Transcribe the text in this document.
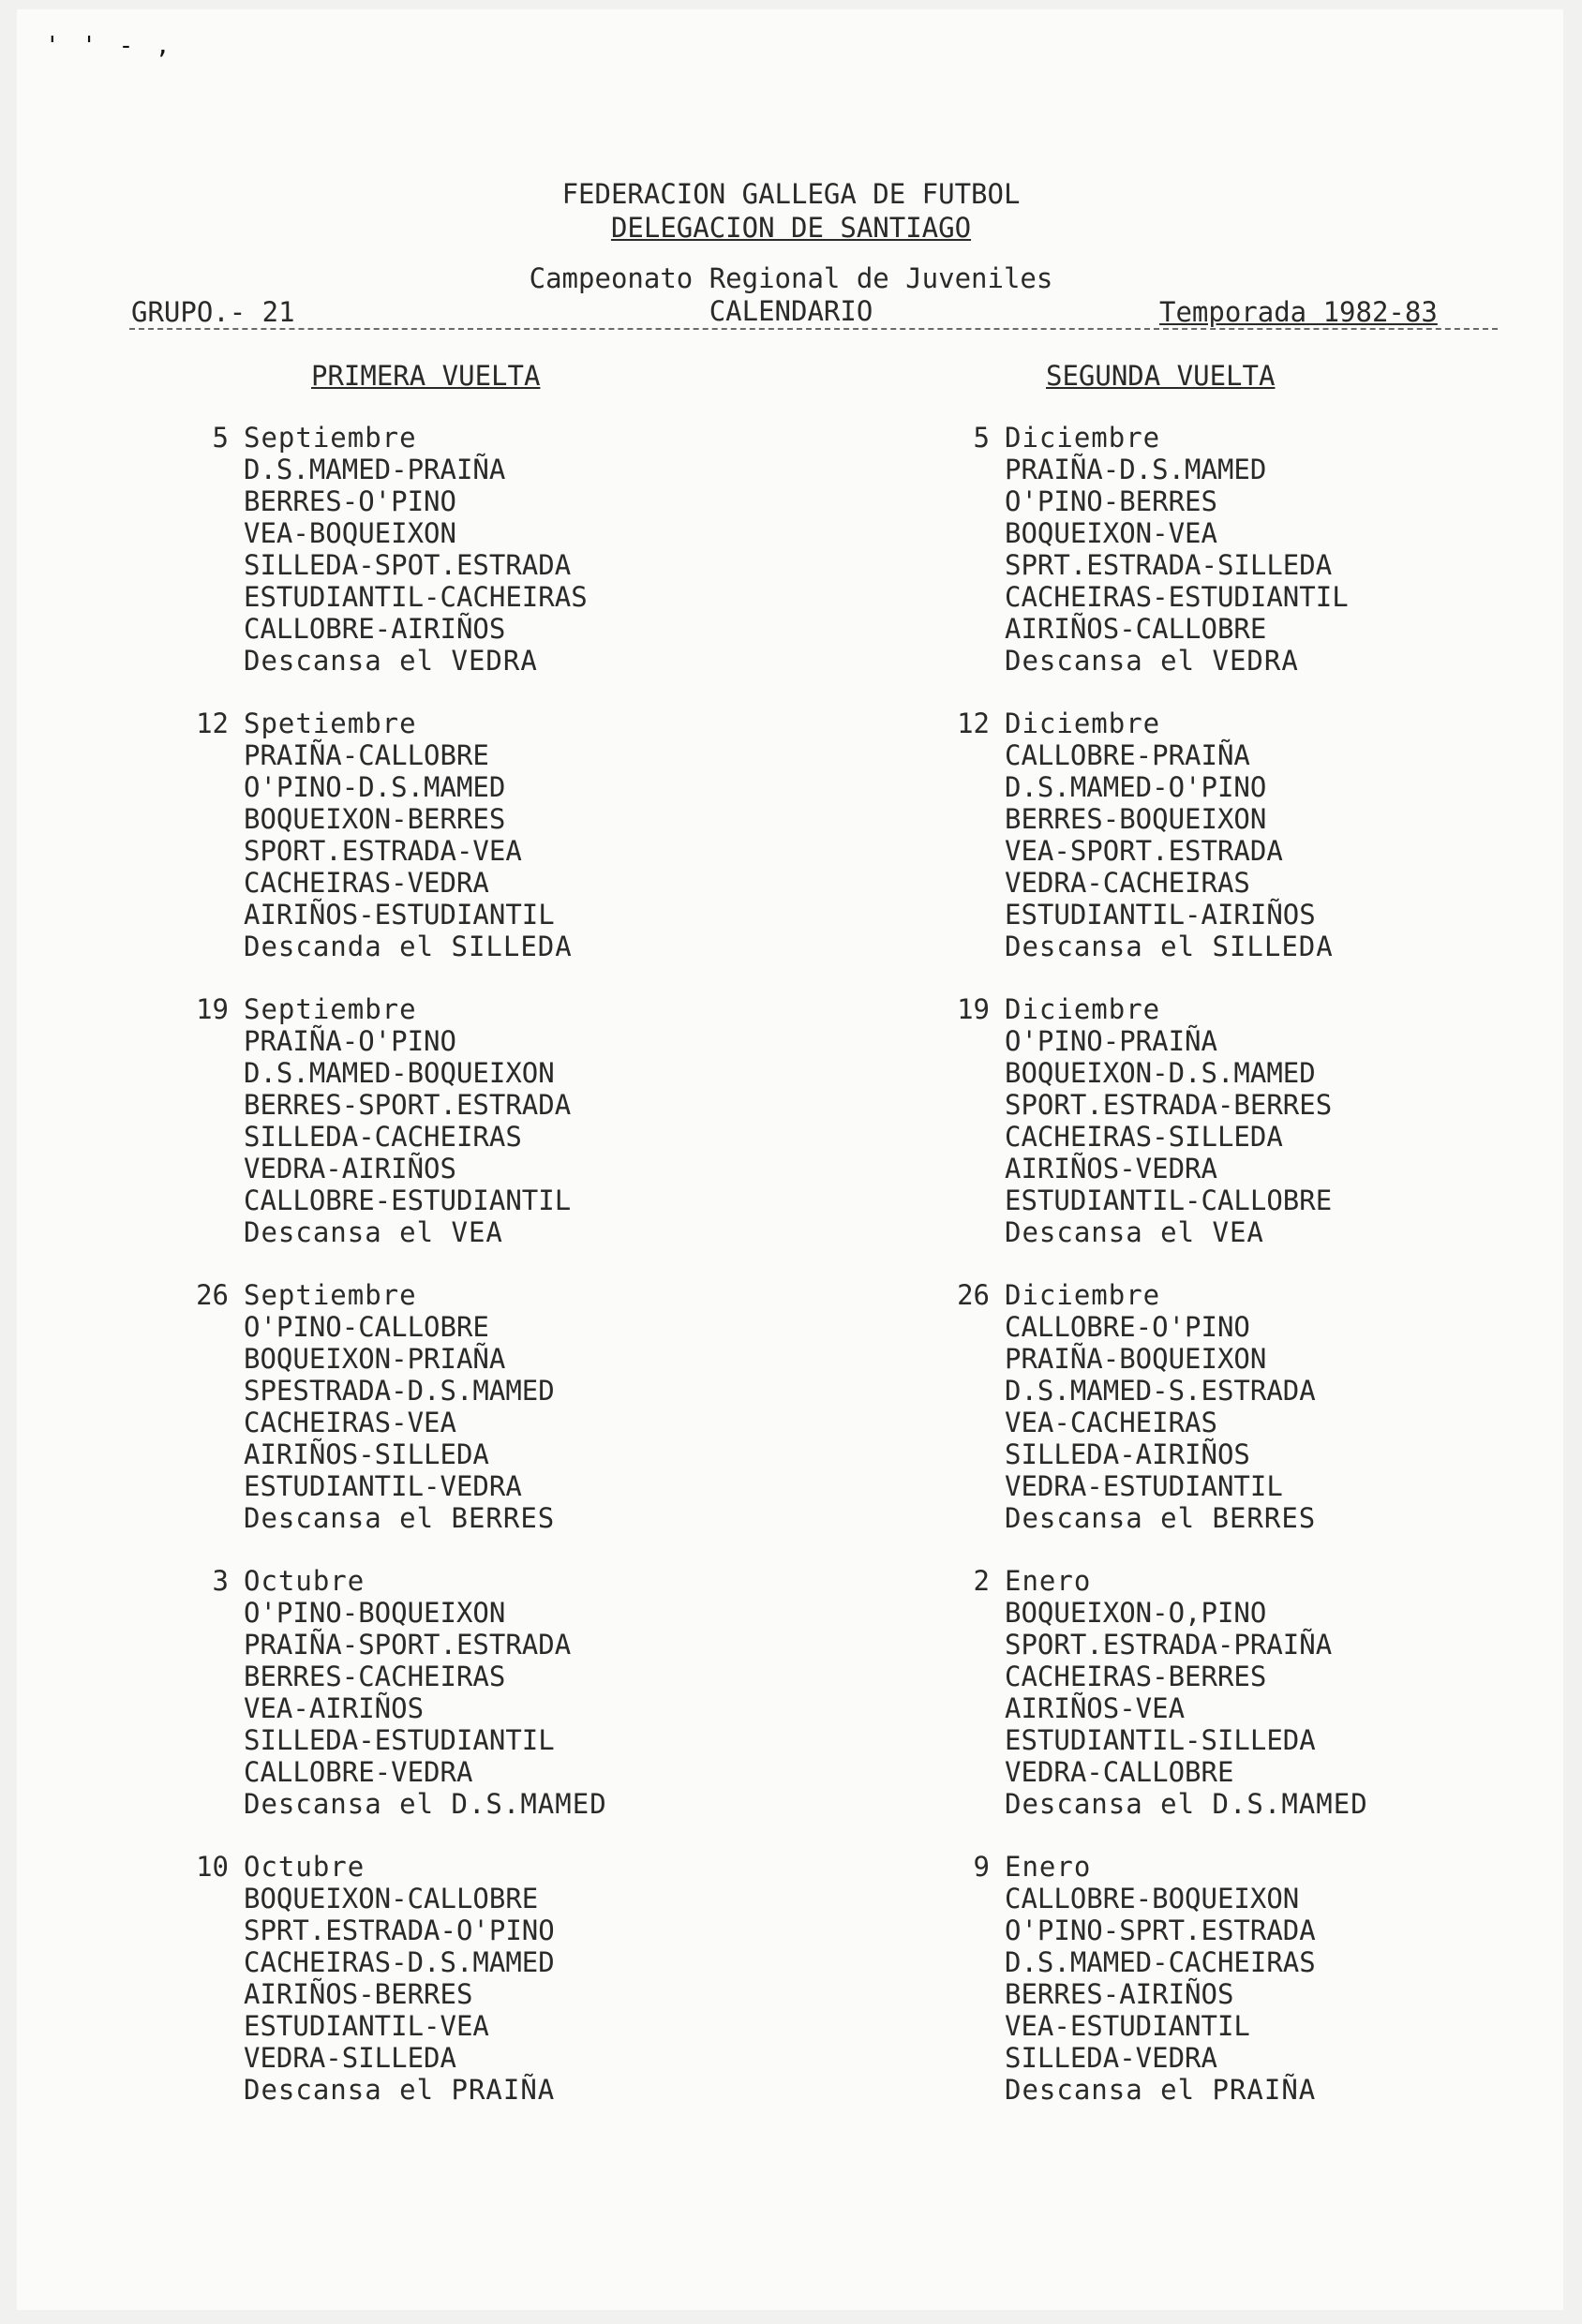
' ' - ,
FEDERACION GALLEGA DE FUTBOL
DELEGACION DE SANTIAGO
Campeonato Regional de Juveniles
CALENDARIO
GRUPO.- 21	Temporada 1982-83
PRIMERA VUELTA	SEGUNDA VUELTA
5 Septiembre
D.S.MAMED-PRAIÑA
BERRES-O'PINO
VEA-BOQUEIXON
SILLEDA-SPOT.ESTRADA
ESTUDIANTIL-CACHEIRAS
CALLOBRE-AIRIÑOS
Descansa el VEDRA
12 Spetiembre
PRAIÑA-CALLOBRE
O'PINO-D.S.MAMED
BOQUEIXON-BERRES
SPORT.ESTRADA-VEA
CACHEIRAS-VEDRA
AIRIÑOS-ESTUDIANTIL
Descanda el SILLEDA
19 Septiembre
PRAIÑA-O'PINO
D.S.MAMED-BOQUEIXON
BERRES-SPORT.ESTRADA
SILLEDA-CACHEIRAS
VEDRA-AIRIÑOS
CALLOBRE-ESTUDIANTIL
Descansa el VEA
26 Septiembre
O'PINO-CALLOBRE
BOQUEIXON-PRIAÑA
SPESTRADA-D.S.MAMED
CACHEIRAS-VEA
AIRIÑOS-SILLEDA
ESTUDIANTIL-VEDRA
Descansa el BERRES
3 Octubre
O'PINO-BOQUEIXON
PRAIÑA-SPORT.ESTRADA
BERRES-CACHEIRAS
VEA-AIRIÑOS
SILLEDA-ESTUDIANTIL
CALLOBRE-VEDRA
Descansa el D.S.MAMED
10 Octubre
BOQUEIXON-CALLOBRE
SPRT.ESTRADA-O'PINO
CACHEIRAS-D.S.MAMED
AIRIÑOS-BERRES
ESTUDIANTIL-VEA
VEDRA-SILLEDA
Descansa el PRAIÑA
5 Diciembre
PRAIÑA-D.S.MAMED
O'PINO-BERRES
BOQUEIXON-VEA
SPRT.ESTRADA-SILLEDA
CACHEIRAS-ESTUDIANTIL
AIRIÑOS-CALLOBRE
Descansa el VEDRA
12 Diciembre
CALLOBRE-PRAIÑA
D.S.MAMED-O'PINO
BERRES-BOQUEIXON
VEA-SPORT.ESTRADA
VEDRA-CACHEIRAS
ESTUDIANTIL-AIRIÑOS
Descansa el SILLEDA
19 Diciembre
O'PINO-PRAIÑA
BOQUEIXON-D.S.MAMED
SPORT.ESTRADA-BERRES
CACHEIRAS-SILLEDA
AIRIÑOS-VEDRA
ESTUDIANTIL-CALLOBRE
Descansa el VEA
26 Diciembre
CALLOBRE-O'PINO
PRAIÑA-BOQUEIXON
D.S.MAMED-S.ESTRADA
VEA-CACHEIRAS
SILLEDA-AIRIÑOS
VEDRA-ESTUDIANTIL
Descansa el BERRES
2 Enero
BOQUEIXON-O,PINO
SPORT.ESTRADA-PRAIÑA
CACHEIRAS-BERRES
AIRIÑOS-VEA
ESTUDIANTIL-SILLEDA
VEDRA-CALLOBRE
Descansa el D.S.MAMED
9 Enero
CALLOBRE-BOQUEIXON
O'PINO-SPRT.ESTRADA
D.S.MAMED-CACHEIRAS
BERRES-AIRIÑOS
VEA-ESTUDIANTIL
SILLEDA-VEDRA
Descansa el PRAIÑA
